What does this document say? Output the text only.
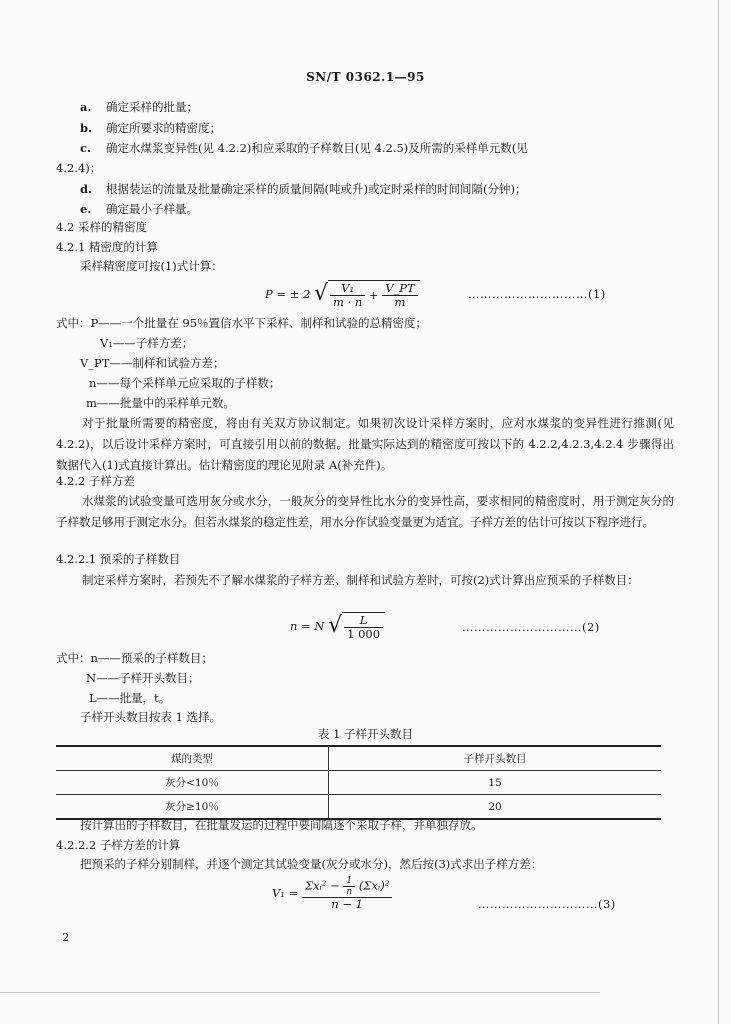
SN/T 0362.1—95
a. 确定采样的批量；
b. 确定所要求的精密度；
c. 确定水煤浆变异性(见 4.2.2)和应采取的子样数目(见 4.2.5)及所需的采样单元数(见
4.2.4)；
d. 根据装运的流量及批量确定采样的质量间隔(吨或升)或定时采样的时间间隔(分钟)；
e. 确定最小子样量。
4.2 采样的精密度
4.2.1 精密度的计算
采样精密度可按(1)式计算：
P = ± 2 √ $\frac{\text{V₁}}{m \cdot n} + \frac{V\_PT}{m}$	…………………………(1)
式中：P——一个批量在 95％置信水平下采样、制样和试验的总精密度；
V₁——子样方差；
V_PT——制样和试验方差；
n——每个采样单元应采取的子样数；
m——批量中的采样单元数。
对于批量所需要的精密度，将由有关双方协议制定。如果初次设计采样方案时，应对水煤浆的变异性进行推测(见 4.2.2)，以后设计采样方案时，可直接引用以前的数据。批量实际达到的精密度可按以下的 4.2.2,4.2.3,4.2.4 步骤得出数据代入(1)式直接计算出。估计精密度的理论见附录 A(补充件)。
4.2.2 子样方差
水煤浆的试验变量可选用灰分或水分，一般灰分的变异性比水分的变异性高，要求相同的精密度时，用于测定灰分的子样数足够用于测定水分。但若水煤浆的稳定性差，用水分作试验变量更为适宜。子样方差的估计可按以下程序进行。
4.2.2.1 预采的子样数目
制定采样方案时，若预先不了解水煤浆的子样方差、制样和试验方差时，可按(2)式计算出应预采的子样数目：
n = N √ $\frac{L}{1 000}$	…………………………(2)
式中：n——预采的子样数目；
N——子样开头数目；
L——批量，t。
子样开头数目按表 1 选择。
表 1 子样开头数目
煤的类型	子样开头数目
灰分<10％	15
灰分≥10％	20
按计算出的子样数目，在批量发运的过程中要间隔逐个采取子样，并单独存放。
4.2.2.2 子样方差的计算
把预采的子样分别制样，并逐个测定其试验变量(灰分或水分)，然后按(3)式求出子样方差：
$V_1 = \frac{\Sigma xᵢ^2 - \frac{1}{n} (\Sigma xᵢ)^2}{n - 1}$	…………………………(3)
2
